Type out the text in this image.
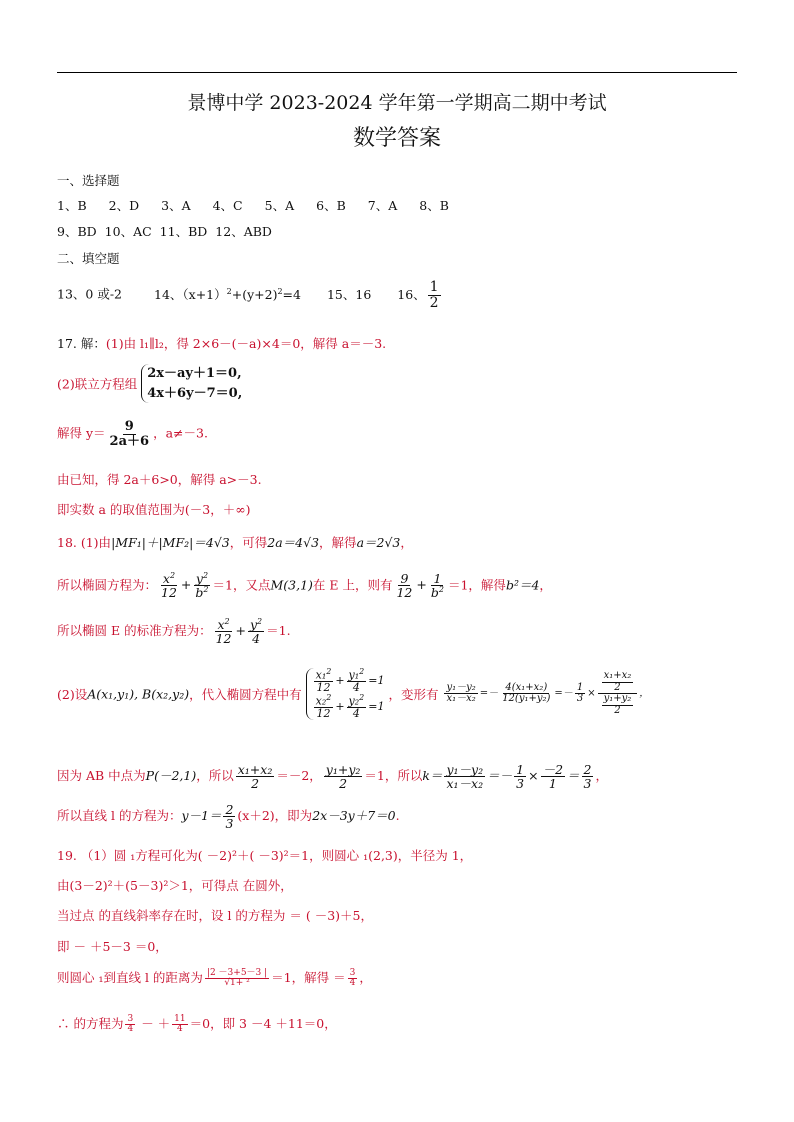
景博中学 2023-2024 学年第一学期高二期中考试
数学答案
一、选择题
1、B 2、D 3、A 4、C 5、A 6、B 7、A 8、B
9、BD 10、AC 11、BD 12、ABD
二、填空题
13、0 或-2	14、$(x+1)^2+(y+2)^2=4$ 15、16 16、 $\frac{1}{2}$
17. 解：(1)由 l₁∥l₂，得 2×6－(－a)×4＝0，解得 a＝－3.
(2)联立方程组 2x－ay＋1＝0,
4x＋6y－7＝0,
解得 $y= \frac{9}{2a+6}$ ，a≠－3.
由已知，得 2a＋6>0，解得 a>－3.
即实数 a 的取值范围为(－3，＋∞)
18. (1)由|MF₁|＋|MF₂|＝4√3，可得2a＝4√3，解得a＝2√3，
所以椭圆方程为： $\frac{x^2}{12} + \frac{y^2}{b^2} =1$，又点M(3,1)在 E 上，则有 $\frac{9}{12} + \frac{1}{b^2} =1$，解得b²＝4，
所以椭圆 E 的标准方程为： $\frac{x^2}{12} + \frac{y^2}{4} =1$.
(2)设A(x₁,y₁), B(x₂,y₂)，代入椭圆方程中有
$\frac{x_1^2}{12} + \frac{y_1^2}{4} =1$

$\frac{x_2^2}{12} + \frac{y_2^2}{4} =1$ ，变形有 $\frac{\text{y₁－y₂}}{\text{x₁－x₂}} =- \frac{\text{4(x₁+x₂)}}{\text{12(y₁+y₂)}} =- \frac{1}{3} \times \frac{\frac{\text{x₁+x₂}}{2}}{\frac{\text{y₁+y₂}}{2}}$ ，
因为 AB 中点为P(－2,1)，所以 $\frac{\text{x₁+x₂}}{2} =-2$， $\frac{\text{y₁+y₂}}{2} =1$，所以$k= \frac{\text{y₁－y₂}}{\text{x₁－x₂}} =- \frac{1}{3} \times \frac{-2}{1} = \frac{2}{3}$ ，
所以直线 l 的方程为：$y-1= \frac{2}{3} (x+2)$，即为2x－3y＋7＝0.
19. （1）圆 ₁方程可化为( －2)²＋( －3)²＝1，则圆心 ₁(2,3)，半径为 1，
由(3－2)²＋(5－3)²＞1，可得点 在圆外，
当过点 的直线斜率存在时，设 l 的方程为 ＝ ( －3)＋5，
即 － ＋5－3 ＝0，
则圆心 ₁到直线 l 的距离为 $\frac{|2 -3+5-3 |}{\text{√1+ ²}} =1$，解得 ＝ $\frac{3}{4}$ ，
∴ 的方程为 $\frac{3}{4}$ － ＋ $\frac{11}{4} =0$，即 3 －4 ＋11＝0，
